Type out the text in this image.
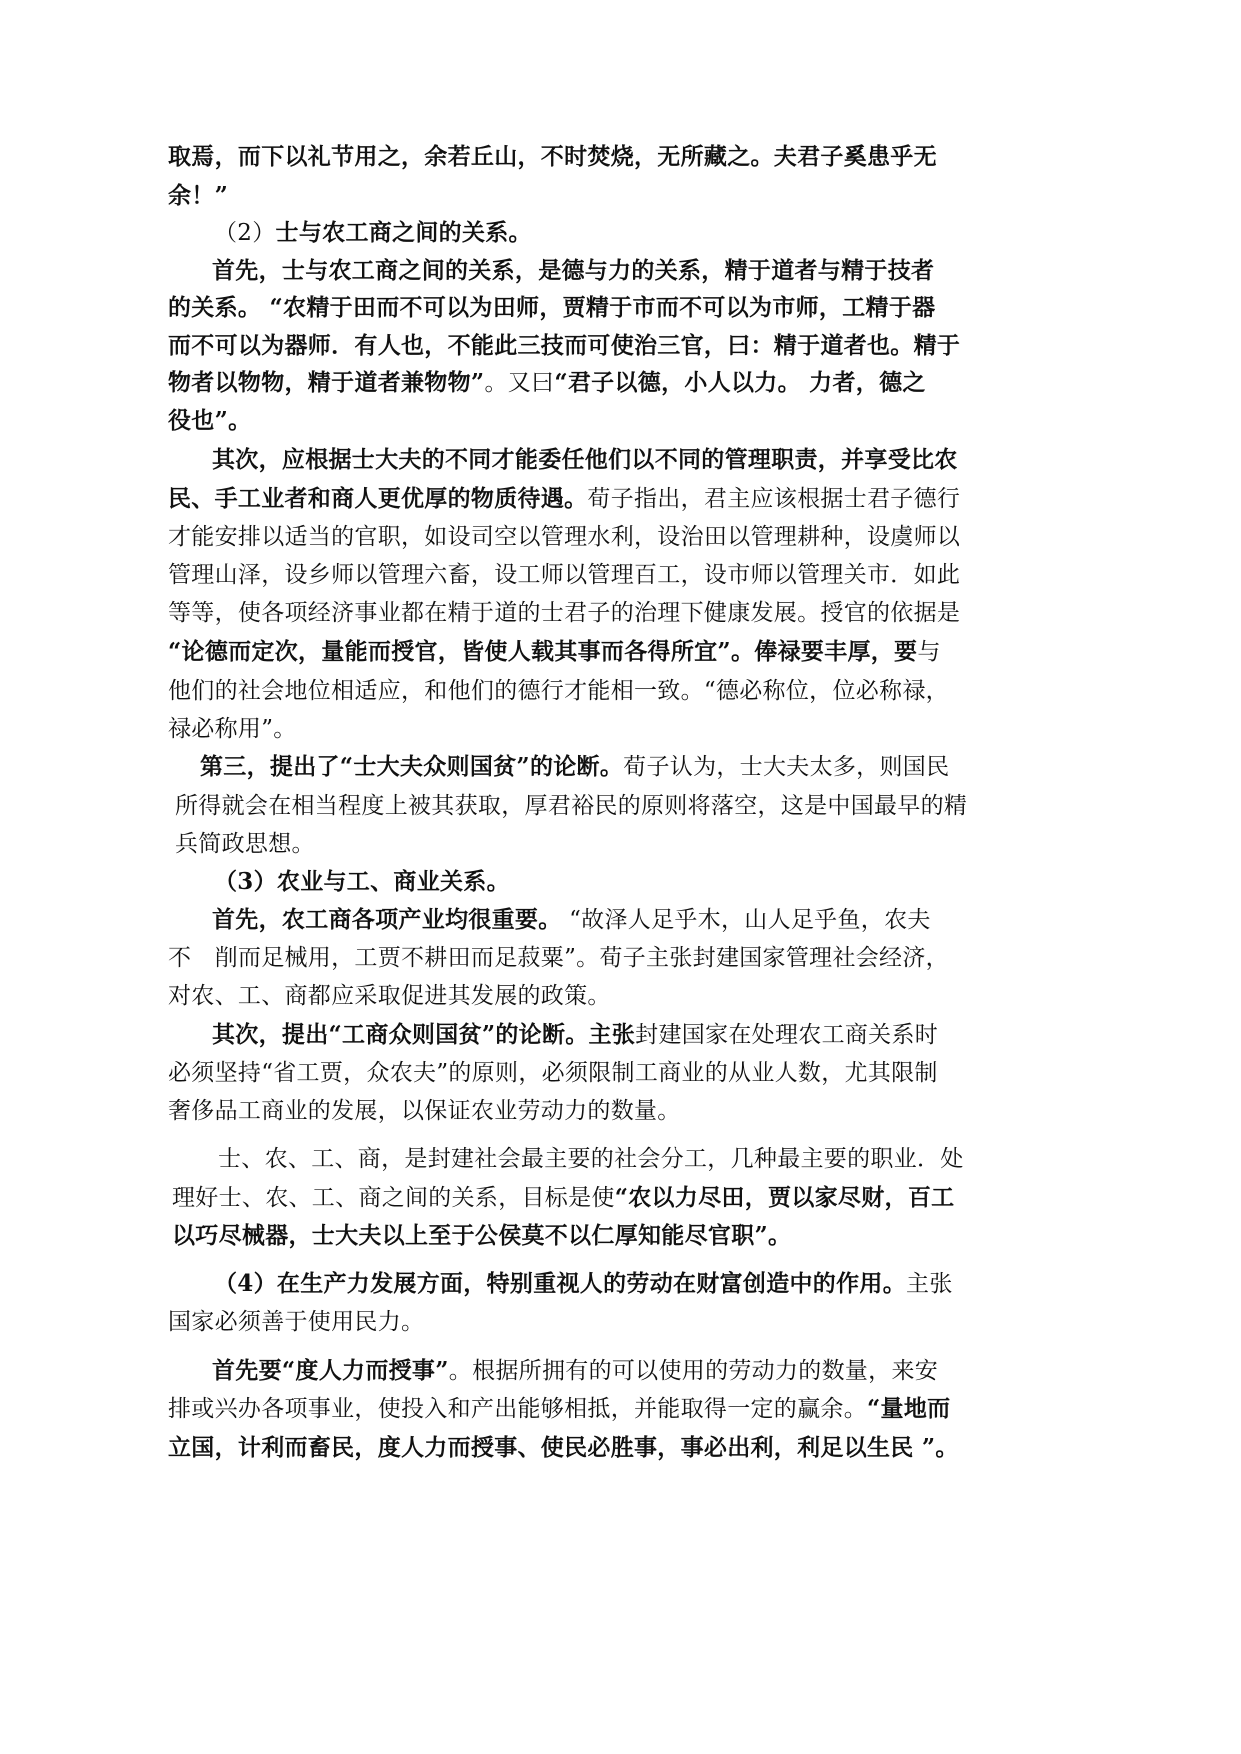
取焉，而下以礼节用之，余若丘山，不时焚烧，无所藏之。夫君子奚患乎无
余！”
（2）士与农工商之间的关系。
首先，士与农工商之间的关系，是德与力的关系，精于道者与精于技者
的关系。 “农精于田而不可以为田师，贾精于市而不可以为市师，工精于器
而不可以为器师．有人也，不能此三技而可使治三官，曰：精于道者也。精于
物者以物物，精于道者兼物物”。又曰“君子以德，小人以力。 力者，德之
役也”。
其次，应根据士大夫的不同才能委任他们以不同的管理职责，并享受比农
民、手工业者和商人更优厚的物质待遇。荀子指出，君主应该根据士君子德行
才能安排以适当的官职，如设司空以管理水利，设治田以管理耕种，设虞师以
管理山泽，设乡师以管理六畜，设工师以管理百工，设市师以管理关市．如此
等等，使各项经济事业都在精于道的士君子的治理下健康发展。授官的依据是
“论德而定次，量能而授官，皆使人载其事而各得所宜”。俸禄要丰厚，要与
他们的社会地位相适应，和他们的德行才能相一致。“德必称位，位必称禄，
禄必称用”。
第三，提出了“士大夫众则国贫”的论断。荀子认为，士大夫太多，则国民
所得就会在相当程度上被其获取，厚君裕民的原则将落空，这是中国最早的精
兵简政思想。
（3）农业与工、商业关系。
首先，农工商各项产业均很重要。 “故泽人足乎木，山人足乎鱼，农夫
不　削而足械用，工贾不耕田而足菽粟”。荀子主张封建国家管理社会经济，
对农、工、商都应采取促进其发展的政策。
其次，提出“工商众则国贫”的论断。主张封建国家在处理农工商关系时
必须坚持“省工贾，众农夫”的原则，必须限制工商业的从业人数，尤其限制
奢侈品工商业的发展，以保证农业劳动力的数量。
士、农、工、商，是封建社会最主要的社会分工，几种最主要的职业．处
理好士、农、工、商之间的关系，目标是使“农以力尽田，贾以家尽财，百工
以巧尽械器，士大夫以上至于公侯莫不以仁厚知能尽官职”。
（4）在生产力发展方面，特别重视人的劳动在财富创造中的作用。主张
国家必须善于使用民力。
首先要“度人力而授事”。根据所拥有的可以使用的劳动力的数量，来安
排或兴办各项事业，使投入和产出能够相抵，并能取得一定的赢余。“量地而
立国，计利而畜民，度人力而授事、使民必胜事，事必出利，利足以生民 ”。
